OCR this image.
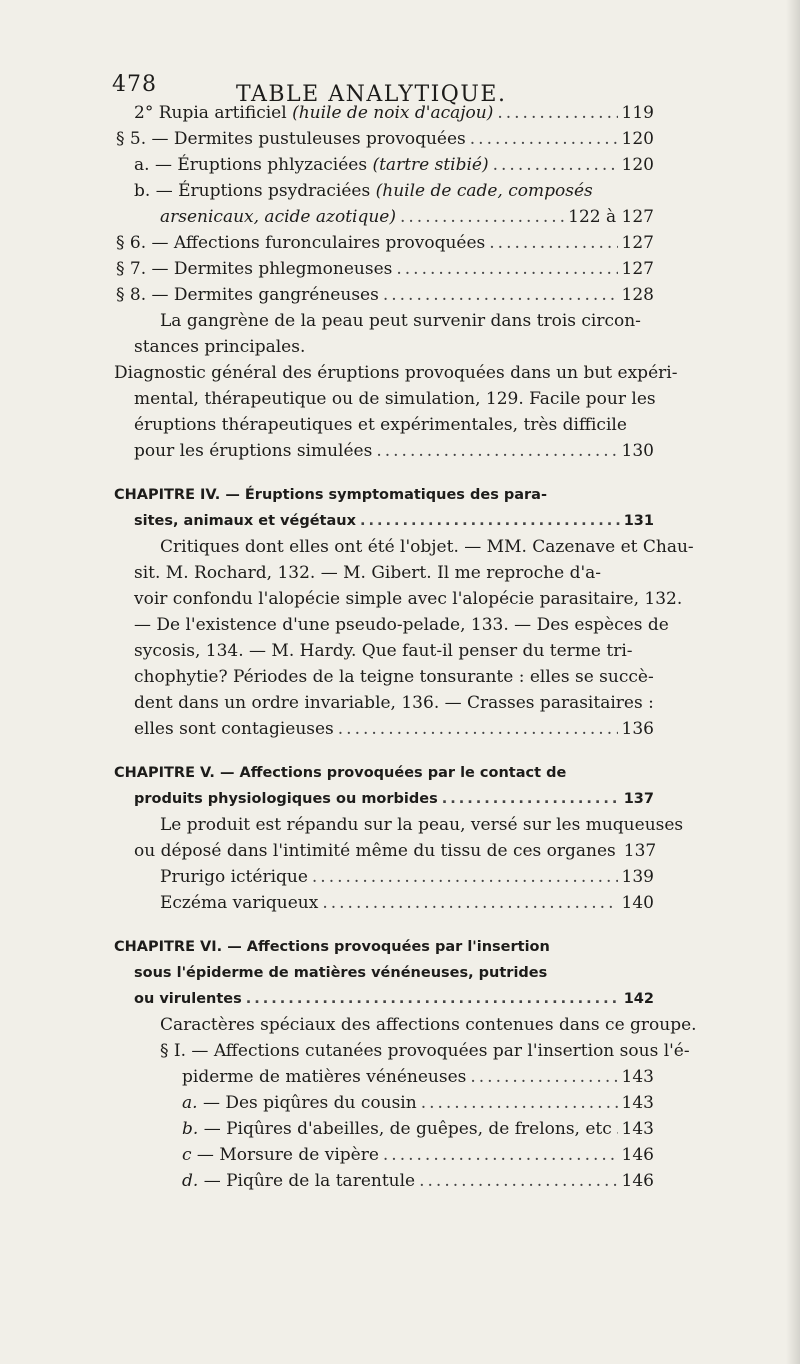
478	TABLE ANALYTIQUE.
2° Rupia artificiel (huile de noix d'acajou) .....	119
§ 5. — Dermites pustuleuses provoquées .....	120
a. — Éruptions phlyzaciées (tartre stibié) .....	120
b. — Éruptions psydraciées (huile de cade, composés
arsenicaux, acide azotique) .....	122 à 127
§ 6. — Affections furonculaires provoquées .....	127
§ 7. — Dermites phlegmoneuses .....	127
§ 8. — Dermites gangréneuses .....	128
La gangrène de la peau peut survenir dans trois circon-
stances principales.
Diagnostic général des éruptions provoquées dans un but expéri-
mental, thérapeutique ou de simulation, 129. Facile pour les
éruptions thérapeutiques et expérimentales, très difficile
pour les éruptions simulées .....	130
CHAPITRE IV. — Éruptions symptomatiques des para-
sites, animaux et végétaux .....	131
Critiques dont elles ont été l'objet. — MM. Cazenave et Chau-
sit. M. Rochard, 132. — M. Gibert. Il me reproche d'a-
voir confondu l'alopécie simple avec l'alopécie parasitaire, 132.
— De l'existence d'une pseudo-pelade, 133. — Des espèces de
sycosis, 134. — M. Hardy. Que faut-il penser du terme tri-
chophytie? Périodes de la teigne tonsurante : elles se succè-
dent dans un ordre invariable, 136. — Crasses parasitaires :
elles sont contagieuses .....	136
CHAPITRE V. — Affections provoquées par le contact de
produits physiologiques ou morbides .....	137
Le produit est répandu sur la peau, versé sur les muqueuses
ou déposé dans l'intimité même du tissu de ces organes 137
Prurigo ictérique .....	139
Eczéma variqueux .....	140
CHAPITRE VI. — Affections provoquées par l'insertion
sous l'épiderme de matières vénéneuses, putrides
ou virulentes .....	142
Caractères spéciaux des affections contenues dans ce groupe.
§ I. — Affections cutanées provoquées par l'insertion sous l'é-
piderme de matières vénéneuses .....	143
a. — Des piqûres du cousin .....	143
b. — Piqûres d'abeilles, de guêpes, de frelons, etc ..... 143
c — Morsure de vipère .....	146
d. — Piqûre de la tarentule .....	146
